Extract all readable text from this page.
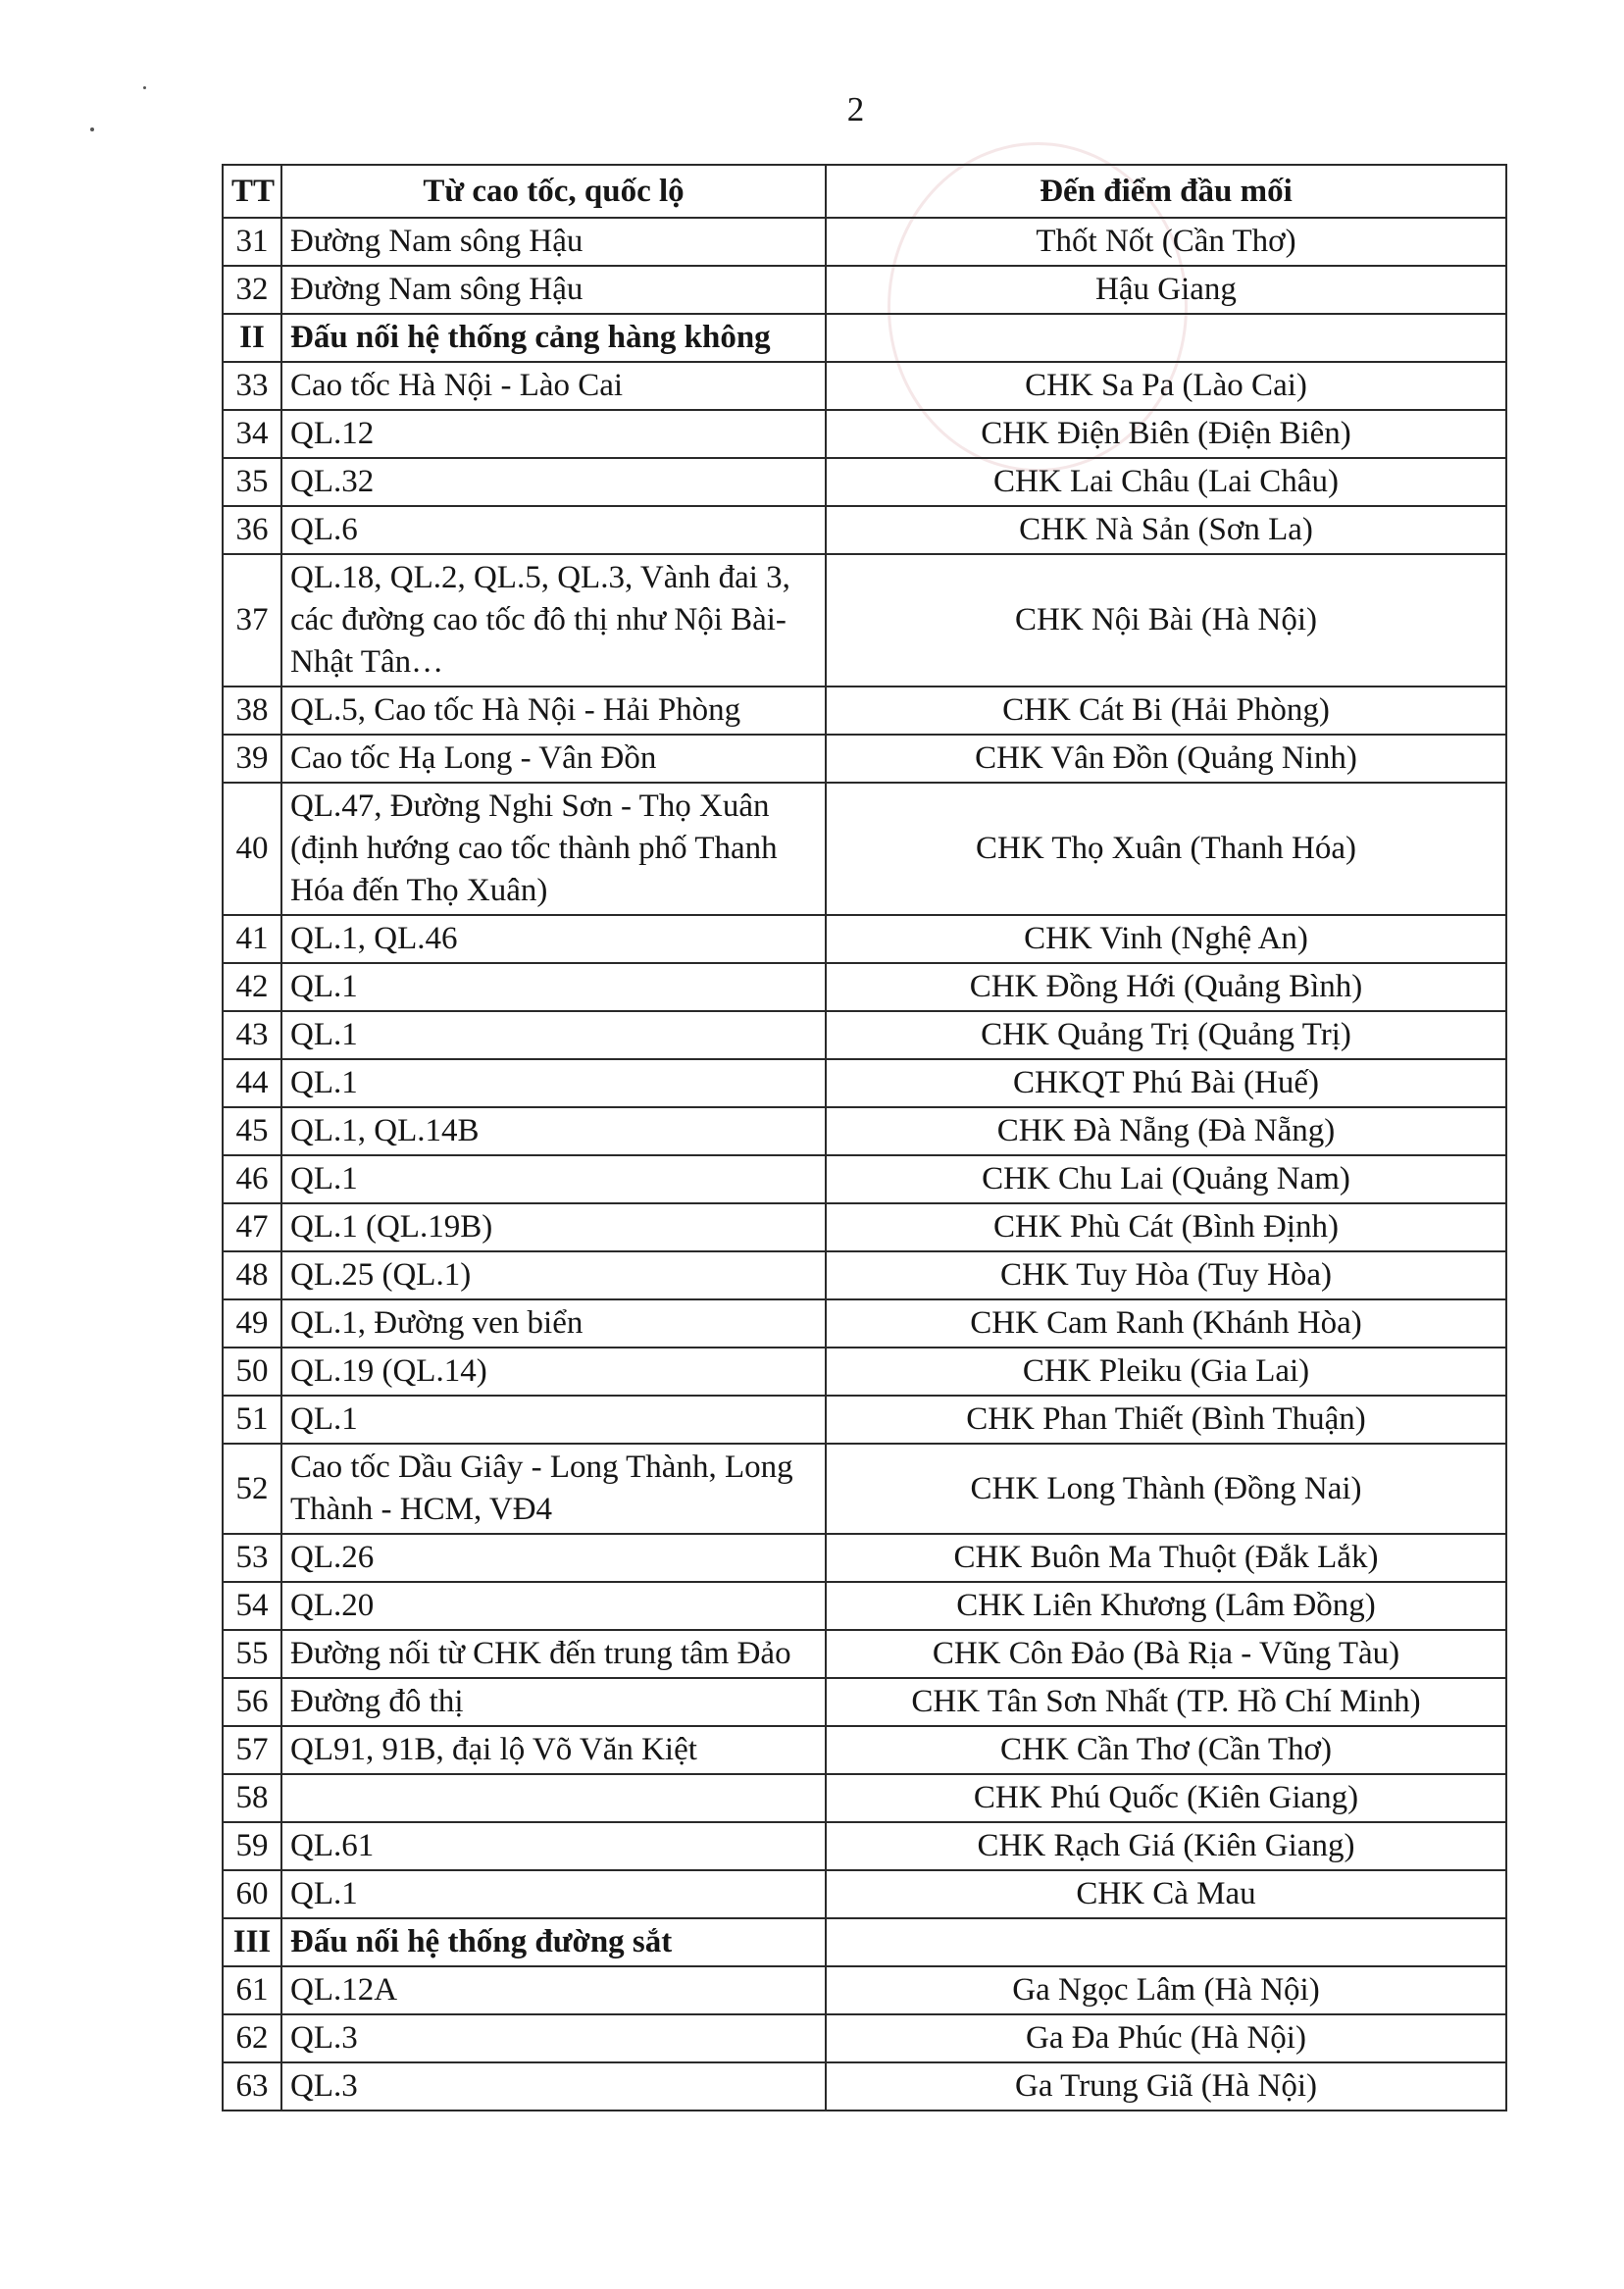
2
TT	Từ cao tốc, quốc lộ	Đến điểm đầu mối
31	Đường Nam sông Hậu	Thốt Nốt (Cần Thơ)
32	Đường Nam sông Hậu	Hậu Giang
II	Đấu nối hệ thống cảng hàng không	
33	Cao tốc Hà Nội - Lào Cai	CHK Sa Pa (Lào Cai)
34	QL.12	CHK Điện Biên (Điện Biên)
35	QL.32	CHK Lai Châu (Lai Châu)
36	QL.6	CHK Nà Sản (Sơn La)
37	QL.18, QL.2, QL.5, QL.3, Vành đai 3, các đường cao tốc đô thị như Nội Bài- Nhật Tân…	CHK Nội Bài (Hà Nội)
38	QL.5, Cao tốc Hà Nội - Hải Phòng	CHK Cát Bi (Hải Phòng)
39	Cao tốc Hạ Long - Vân Đồn	CHK Vân Đồn (Quảng Ninh)
40	QL.47, Đường Nghi Sơn - Thọ Xuân (định hướng cao tốc thành phố Thanh Hóa đến Thọ Xuân)	CHK Thọ Xuân (Thanh Hóa)
41	QL.1, QL.46	CHK Vinh (Nghệ An)
42	QL.1	CHK Đồng Hới (Quảng Bình)
43	QL.1	CHK Quảng Trị (Quảng Trị)
44	QL.1	CHKQT Phú Bài (Huế)
45	QL.1, QL.14B	CHK Đà Nẵng (Đà Nẵng)
46	QL.1	CHK Chu Lai (Quảng Nam)
47	QL.1 (QL.19B)	CHK Phù Cát (Bình Định)
48	QL.25 (QL.1)	CHK Tuy Hòa (Tuy Hòa)
49	QL.1, Đường ven biển	CHK Cam Ranh (Khánh Hòa)
50	QL.19 (QL.14)	CHK Pleiku (Gia Lai)
51	QL.1	CHK Phan Thiết (Bình Thuận)
52	Cao tốc Dầu Giây - Long Thành, Long Thành - HCM, VĐ4	CHK Long Thành (Đồng Nai)
53	QL.26	CHK Buôn Ma Thuột (Đắk Lắk)
54	QL.20	CHK Liên Khương (Lâm Đồng)
55	Đường nối từ CHK đến trung tâm Đảo	CHK Côn Đảo (Bà Rịa - Vũng Tàu)
56	Đường đô thị	CHK Tân Sơn Nhất (TP. Hồ Chí Minh)
57	QL91, 91B, đại lộ Võ Văn Kiệt	CHK Cần Thơ (Cần Thơ)
58		CHK Phú Quốc (Kiên Giang)
59	QL.61	CHK Rạch Giá (Kiên Giang)
60	QL.1	CHK Cà Mau
III	Đấu nối hệ thống đường sắt	
61	QL.12A	Ga Ngọc Lâm (Hà Nội)
62	QL.3	Ga Đa Phúc (Hà Nội)
63	QL.3	Ga Trung Giã (Hà Nội)
